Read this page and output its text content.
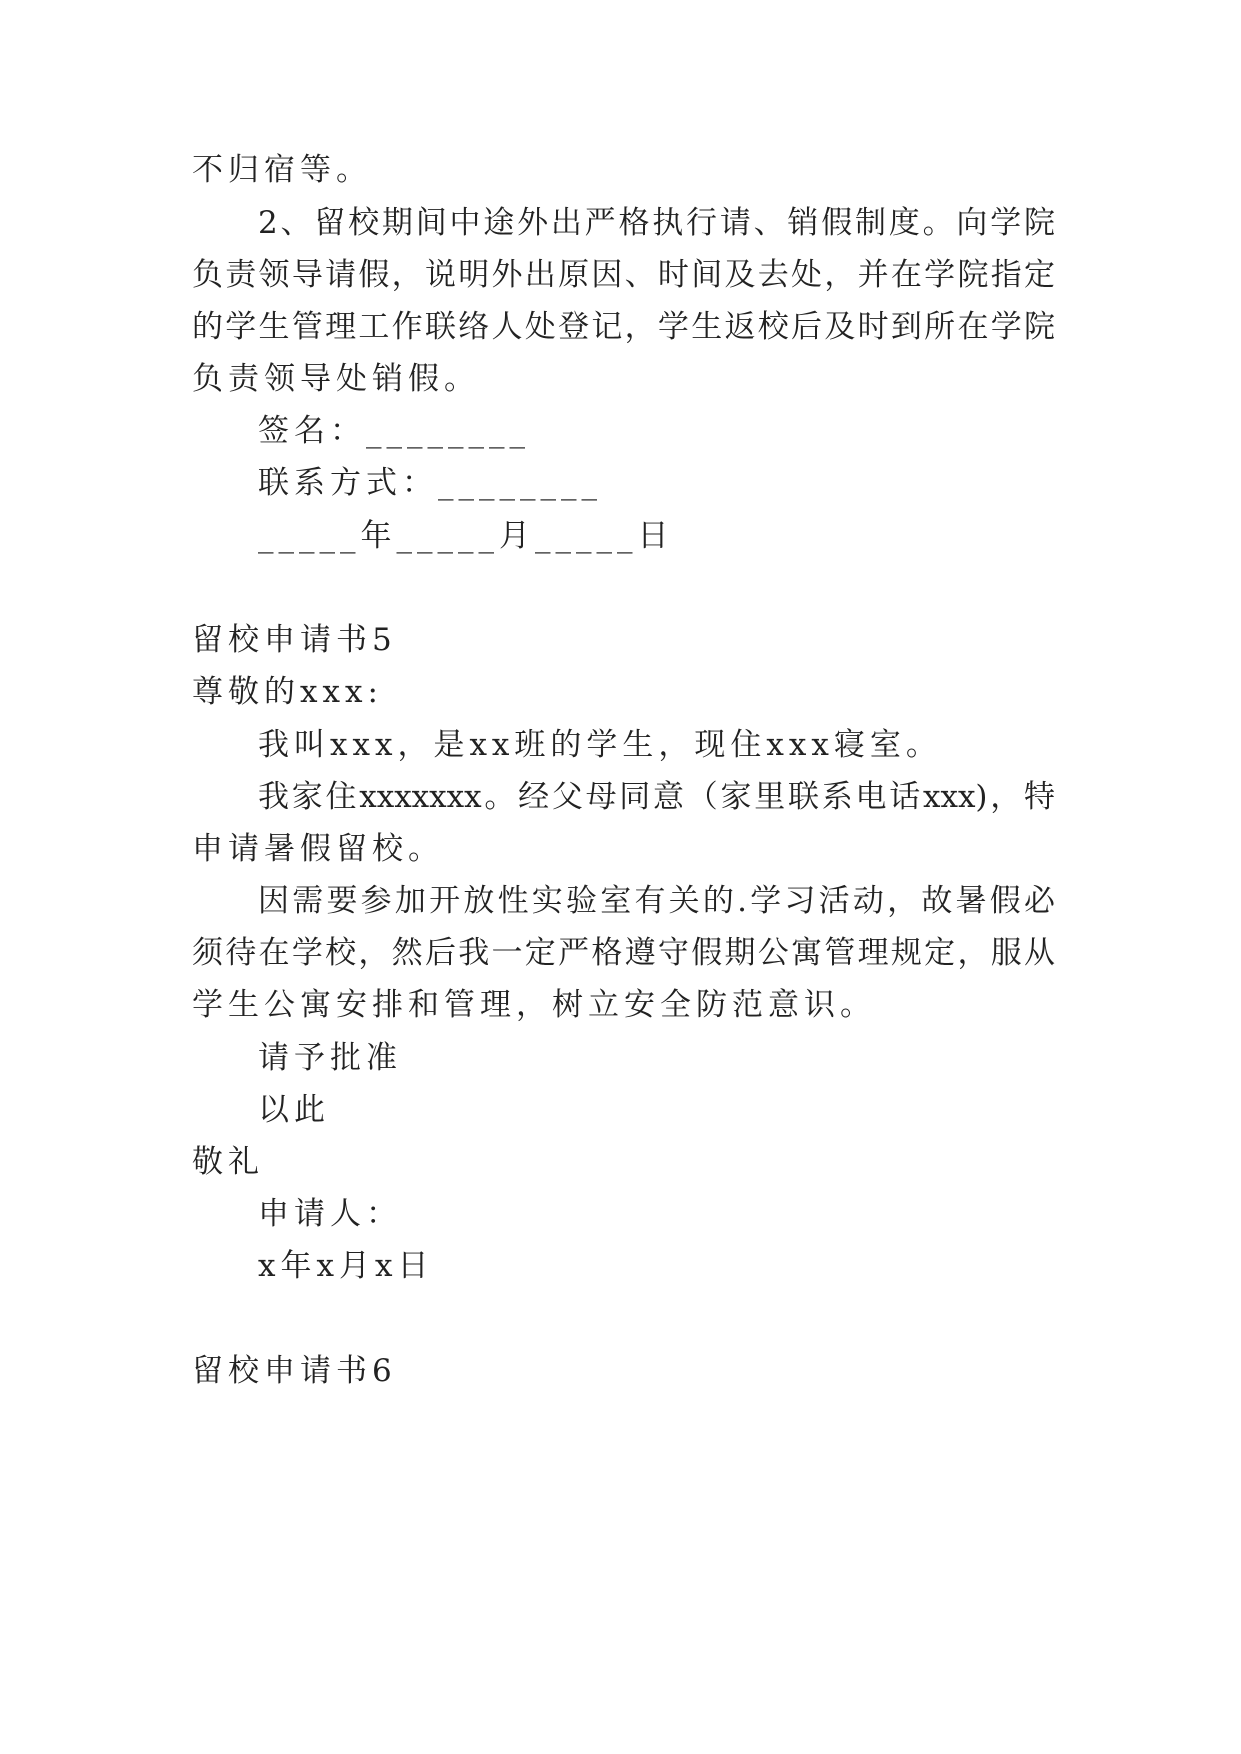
不归宿等。
2、留校期间中途外出严格执行请、销假制度。向学院
负责领导请假，说明外出原因、时间及去处，并在学院指定
的学生管理工作联络人处登记，学生返校后及时到所在学院
负责领导处销假。
签名：________
联系方式：________
_____年_____月_____日
留校申请书5
尊敬的xxx:
我叫xxx，是xx班的学生，现住xxx寝室。
我家住xxxxxxx。经父母同意（家里联系电话xxx)，特
申请暑假留校。
因需要参加开放性实验室有关的.学习活动，故暑假必
须待在学校，然后我一定严格遵守假期公寓管理规定，服从
学生公寓安排和管理，树立安全防范意识。
请予批准
以此
敬礼
申请人：
x年x月x日
留校申请书6
